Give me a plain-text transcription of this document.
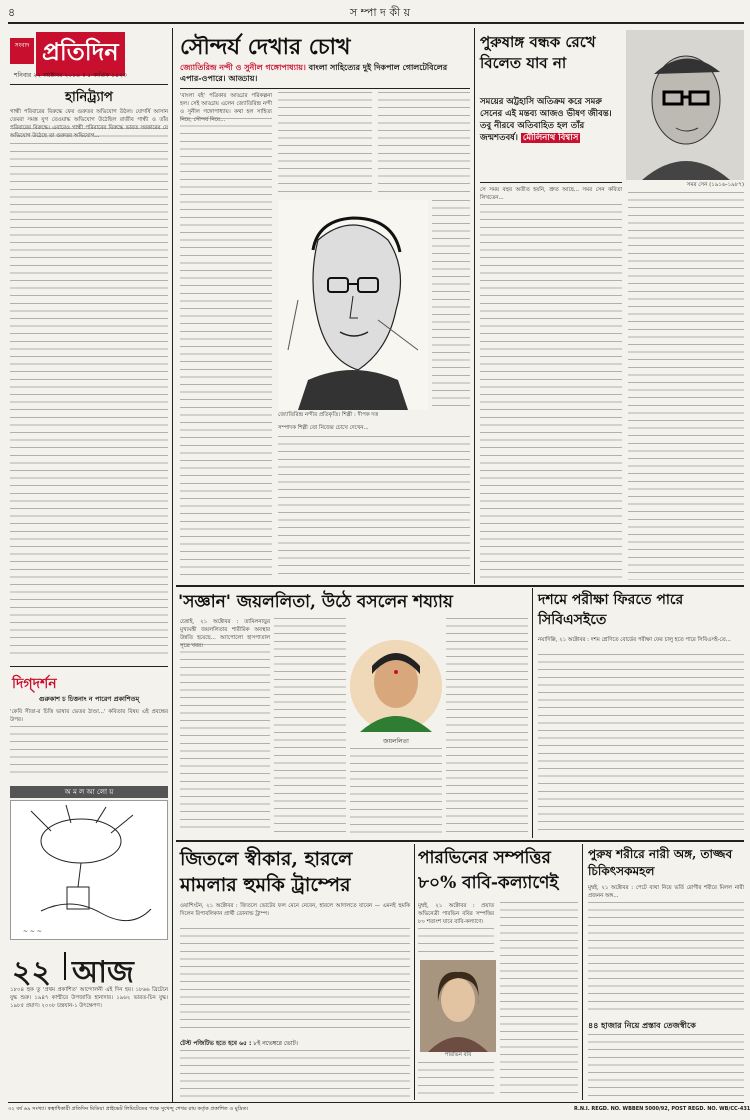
৪	স ম্পা দ কী য়
সংবাদ প্রতিদিন
শনিবার ২২ অক্টোবর ২০১৬ ॥ ৫ কার্তিক ১৪২৩
হানিট্র্যাপ
গান্ধী পরিবারের বিরুদ্ধে ফের গুরুতর অভিযোগ উঠল। যোগর্ষি আসান তেমরা সমস্ত যুগ তেওয়াদ্ধ অভিযোগ উঠেছিল রাজীব গান্ধী ও তাঁর পরিবারের বিরুদ্ধে। এবারেও গান্ধী পরিবারের বিরুদ্ধে ভারত সরকারের যে অভিযোগ উঠেছে তা গুরুতর অভিযোগ...
দিগ্‌দর্শন
গুরুকাশ চ চিত্তনাং ন পারেণ প্রকাশিতম্
'কেবি সীতা-র চিত্তি ভাষার ভেতর ঠাণ্ডা...' কবিতার বিষয় এই প্রবন্ধের উপর।
অ ম ল আ লো য়
~ ~ ~
২২ আজ
১৮০৪ হুক তু 'প্রথম প্রকাশিত' আন্দোলনী এই দিন হয়। ১৮৬৬ ব্রিটেনে যুদ্ধ শুরু। ১৯৪৭ কাশ্মীরে উপজাতি হানাদার। ১৯৬২ ভারত-চিন যুদ্ধ। ১৯৮৫ প্রয়াণ। ২০০৮ চন্দ্রযান-১ উৎক্ষেপণ।
সৌন্দর্য দেখার চোখ
জ্যোতিরিন্দ্র নন্দী ও সুনীল গঙ্গোপাধ্যায়। বাংলা সাহিত্যের দুই দিকপাল গোলটেবিলের এপার-ওপারে। আড্ডায়।
'বাংলা বই' পত্রিকার আড্ডার পরিকল্পনা হল। সেই আড্ডায় এলেন জ্যোতিরিন্দ্র নন্দী ও সুনীল গঙ্গোপাধ্যায়। কথা হল সাহিত্য নিয়ে, সৌন্দর্য নিয়ে...
জ্যোতিরিন্দ্র নন্দীর প্রতিকৃতি। শিল্পী : দীপক দত্ত
সম্পাদক শিল্পী তো নিজের চোখে দেখেন...
পুরুষাঙ্গ বন্ধক রেখে বিলেত যাব না
সমর সেন (১৯১৬-১৯৮৭)
সময়ের অট্টহাসি অতিক্রম করে সমরু সেনের এই মন্তব্য আজও ভীষণ জীবন্ত। তবু নীরবে অতিবাহিত হল তাঁর জন্মশতবর্ষ। মৌলিনাথ বিশ্বাস
সে সময় বহুর অতীত হয়নি, শ্রুত আছে... সমর সেন কবিতা লিখতেন...
'সজ্ঞান' জয়ললিতা, উঠে বসলেন শয্যায়
চেন্নাই, ২১ অক্টোবর : তামিলনাড়ুর মুখ্যমন্ত্রী জয়ললিতার শারীরিক অবস্থার উন্নতি হয়েছে... অ্যাপোলো হাসপাতাল সূত্রে খবর।
জয়ললিতা
দশমে পরীক্ষা ফিরতে পারে সিবিএসইতে
নয়াদিল্লি, ২১ অক্টোবর : দশম শ্রেণিতে বোর্ডের পরীক্ষা ফের চালু হতে পারে সিবিএসই-তে...
জিতলে স্বীকার, হারলে মামলার হুমকি ট্রাম্পের
ওয়াশিংটন, ২১ অক্টোবর : জিতলে ভোটের ফল মেনে নেবেন, হারলে আদালতে যাবেন — এমনই হুমকি দিলেন রিপাবলিকান প্রার্থী ডোনাল্ড ট্রাম্প।
টেস্ট পজিটিভ হতে হবে ৬৫ : ৮ই নভেম্বরে ভোট।
পারভিনের সম্পত্তির ৮০% বাবি-কল্যাণেই
মুম্বই, ২১ অক্টোবর : প্রয়াত অভিনেত্রী পারভিন ববির সম্পত্তির ৮০ শতাংশ যাবে বাবি-কল্যাণে।
পারভিন ববি
পুরুষ শরীরে নারী অঙ্গ, তাজ্জব চিকিৎসকমহল
মুম্বই, ২১ অক্টোবর : পেটে ব্যথা নিয়ে ভর্তি রোগীর শরীরে মিলল নারী প্রজনন অঙ্গ...
৪৪ হাজার নিয়ে প্রস্তাব তেজস্বীকে
৩২ বর্ষ ৬৯ সংখ্যা। স্বত্বাধিকারী প্রতিদিন মিডিয়া প্রাইভেট লিমিটেডের পক্ষে সুখেন্দু শেখর রায় কর্তৃক প্রকাশিত ও মুদ্রিত।	R.N.I. REGD. NO. WBBEN 5000/92, POST REGD. NO. WB/CC-431
